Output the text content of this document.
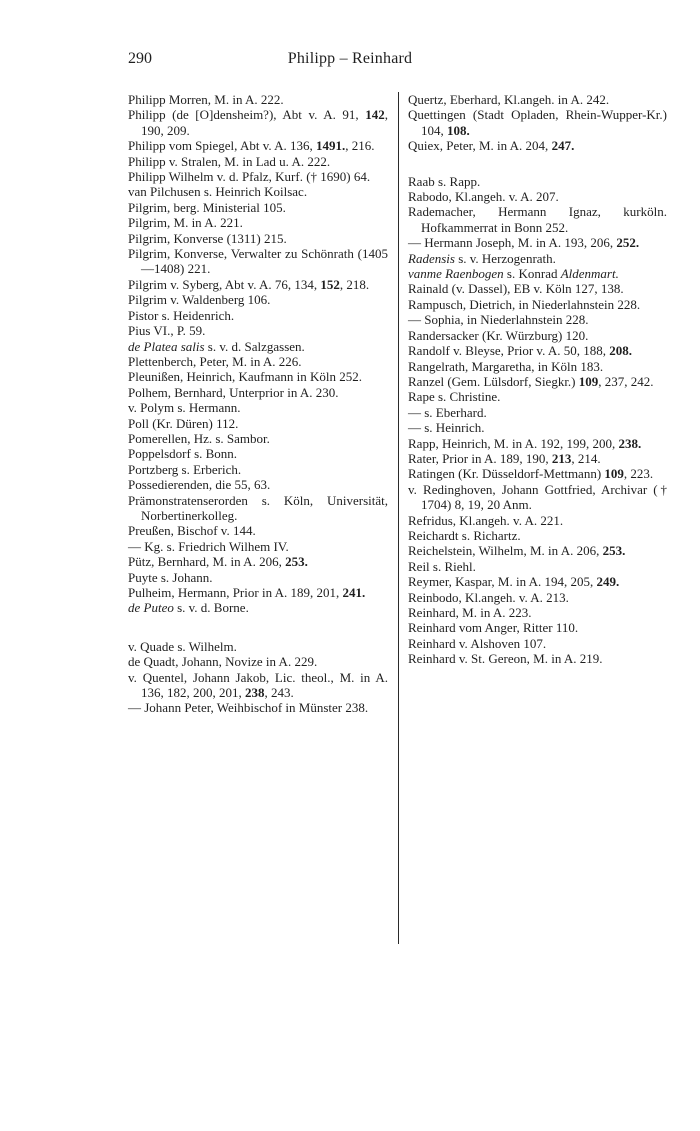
290	Philipp – Reinhard
Philipp Morren, M. in A. 222.
Philipp (de [O]densheim?), Abt v. A. 91, 142, 190, 209.
Philipp vom Spiegel, Abt v. A. 136, 1491., 216.
Philipp v. Stralen, M. in Lad u. A. 222.
Philipp Wilhelm v. d. Pfalz, Kurf. († 1690) 64.
van Pilchusen s. Heinrich Koilsac.
Pilgrim, berg. Ministerial 105.
Pilgrim, M. in A. 221.
Pilgrim, Konverse (1311) 215.
Pilgrim, Konverse, Verwalter zu Schönrath (1405—1408) 221.
Pilgrim v. Syberg, Abt v. A. 76, 134, 152, 218.
Pilgrim v. Waldenberg 106.
Pistor s. Heidenrich.
Pius VI., P. 59.
de Platea salis s. v. d. Salzgassen.
Plettenberch, Peter, M. in A. 226.
Pleunißen, Heinrich, Kaufmann in Köln 252.
Polhem, Bernhard, Unterprior in A. 230.
v. Polym s. Hermann.
Poll (Kr. Düren) 112.
Pomerellen, Hz. s. Sambor.
Poppelsdorf s. Bonn.
Portzberg s. Erberich.
Possedierenden, die 55, 63.
Prämonstratenserorden s. Köln, Universität, Norbertinerkolleg.
Preußen, Bischof v. 144.
— Kg. s. Friedrich Wilhem IV.
Pütz, Bernhard, M. in A. 206, 253.
Puyte s. Johann.
Pulheim, Hermann, Prior in A. 189, 201, 241.
de Puteo s. v. d. Borne.
v. Quade s. Wilhelm.
de Quadt, Johann, Novize in A. 229.
v. Quentel, Johann Jakob, Lic. theol., M. in A. 136, 182, 200, 201, 238, 243.
— Johann Peter, Weihbischof in Münster 238.
Quertz, Eberhard, Kl.angeh. in A. 242.
Quettingen (Stadt Opladen, Rhein-Wupper-Kr.) 104, 108.
Quiex, Peter, M. in A. 204, 247.
Raab s. Rapp.
Rabodo, Kl.angeh. v. A. 207.
Rademacher, Hermann Ignaz, kurköln. Hofkammerrat in Bonn 252.
— Hermann Joseph, M. in A. 193, 206, 252.
Radensis s. v. Herzogenrath.
vanme Raenbogen s. Konrad Aldenmart.
Rainald (v. Dassel), EB v. Köln 127, 138.
Rampusch, Dietrich, in Niederlahnstein 228.
— Sophia, in Niederlahnstein 228.
Randersacker (Kr. Würzburg) 120.
Randolf v. Bleyse, Prior v. A. 50, 188, 208.
Rangelrath, Margaretha, in Köln 183.
Ranzel (Gem. Lülsdorf, Siegkr.) 109, 237, 242.
Rape s. Christine.
— s. Eberhard.
— s. Heinrich.
Rapp, Heinrich, M. in A. 192, 199, 200, 238.
Rater, Prior in A. 189, 190, 213, 214.
Ratingen (Kr. Düsseldorf-Mettmann) 109, 223.
v. Redinghoven, Johann Gottfried, Archivar († 1704) 8, 19, 20 Anm.
Refridus, Kl.angeh. v. A. 221.
Reichardt s. Richartz.
Reichelstein, Wilhelm, M. in A. 206, 253.
Reil s. Riehl.
Reymer, Kaspar, M. in A. 194, 205, 249.
Reinbodo, Kl.angeh. v. A. 213.
Reinhard, M. in A. 223.
Reinhard vom Anger, Ritter 110.
Reinhard v. Alshoven 107.
Reinhard v. St. Gereon, M. in A. 219.
